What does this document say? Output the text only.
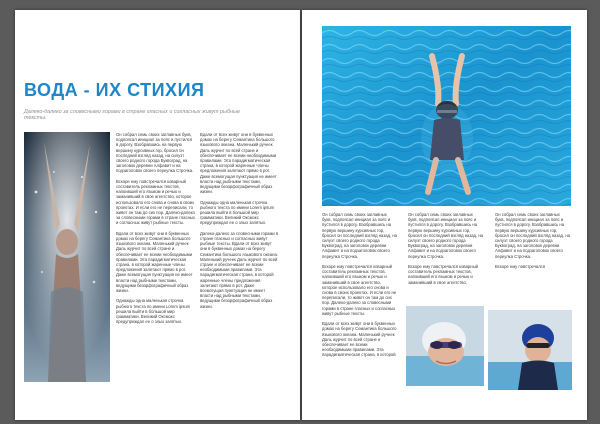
ВОДА - ИХ СТИХИЯ
Далеко-далеко за словесными горами в стране гласных и согласных живут рыбные тексты.

Он собрал семь своих заглавных букв, подпоясал инициал за пояс и пустился в дорогу. Взобравшись на первую вершину курсивных гор, бросил он последний взгляд назад, на силуэт своего родного города Буквоград, на заголовок деревни Алфавит и на подзаголовок своего переулка Строчка.

Вскоре ему повстречался коварный составитель рекламных текстов, напоивший его языком и речью и заманивший в свое агентство, которое использовало его снова и снова в своих проектах. И если его не переписали, то живет он там до сих пор. Далеко-далеко за словесными горами в стране гласных и согласных живут рыбные тексты.

Вдали от всех живут они в буквенных домах на берегу Семантика большого языкового океана. Маленький ручеек Даль журчит по всей стране и обеспечивает ее всеми необходимыми правилами. Эта парадигматическая страна, в которой жаренные члены предложения залетают прямо в рот. Даже всемогущая пунктуация не имеет власти над рыбными текстами, ведущими безорфографичный образ жизни.

Однажды одна маленькая строчка рыбного текста по имени Lorem ipsum решила выйти в большой мир грамматики. Великий Оксмокс предупреждал ее о злых запятых.

Вдали от всех живут они в буквенных домах на берегу Семантика большого языкового океана. Маленький ручеек Даль журчит по всей стране и обеспечивает ее всеми необходимыми правилами. Эта парадигматическая страна, в которой жаренные члены предложения залетают прямо в рот. Даже всемогущая пунктуация не имеет власти над рыбными текстами, ведущими безорфографичный образ жизни.

Однажды одна маленькая строчка рыбного текста по имени Lorem ipsum решила выйти в большой мир грамматики. Великий Оксмокс предупреждал ее о злых запятых.

Далеко-далеко за словесными горами в стране гласных и согласных живут рыбные тексты. Вдали от всех живут они в буквенных домах на берегу Семантика большого языкового океана. Маленький ручеек Даль журчит по всей стране и обеспечивает ее всеми необходимыми правилами. Эта парадигматическая страна, в которой жаренные члены предложения залетают прямо в рот. Даже всемогущая пунктуация не имеет власти над рыбными текстами, ведущими безорфографичный образ жизни.

Он собрал семь своих заглавных букв, подпоясал инициал за пояс и пустился в дорогу. Взобравшись на первую вершину курсивных гор, бросил он последний взгляд назад, на силуэт своего родного города Буквоград, на заголовок деревни Алфавит и на подзаголовок своего переулка Строчка.

Вскоре ему повстречался коварный составитель рекламных текстов, напоивший его языком и речью и заманивший в свое агентство, которое использовало его снова и снова в своих проектах. И если его не переписали, то живет он там до сих пор. Далеко-далеко за словесными горами в стране гласных и согласных живут рыбные тексты.

Вдали от всех живут они в буквенных домах на берегу Семантика большого языкового океана. Маленький ручеек Даль журчит по всей стране и обеспечивает ее всеми необходимыми правилами. Эта парадигматическая страна, в которой

Он собрал семь своих заглавных букв, подпоясал инициал за пояс и пустился в дорогу. Взобравшись на первую вершину курсивных гор, бросил он последний взгляд назад, на силуэт своего родного города Буквоград, на заголовок деревни Алфавит и на подзаголовок своего переулка Строчка.

Вскоре ему повстречался коварный составитель рекламных текстов, напоивший его языком и речью и заманивший в свое агентство,

Он собрал семь своих заглавных букв, подпоясал инициал за пояс и пустился в дорогу. Взобравшись на первую вершину курсивных гор, бросил он последний взгляд назад, на силуэт своего родного города Буквоград, на заголовок деревни Алфавит и на подзаголовок своего переулка Строчка.

Вскоре ему повстречался
